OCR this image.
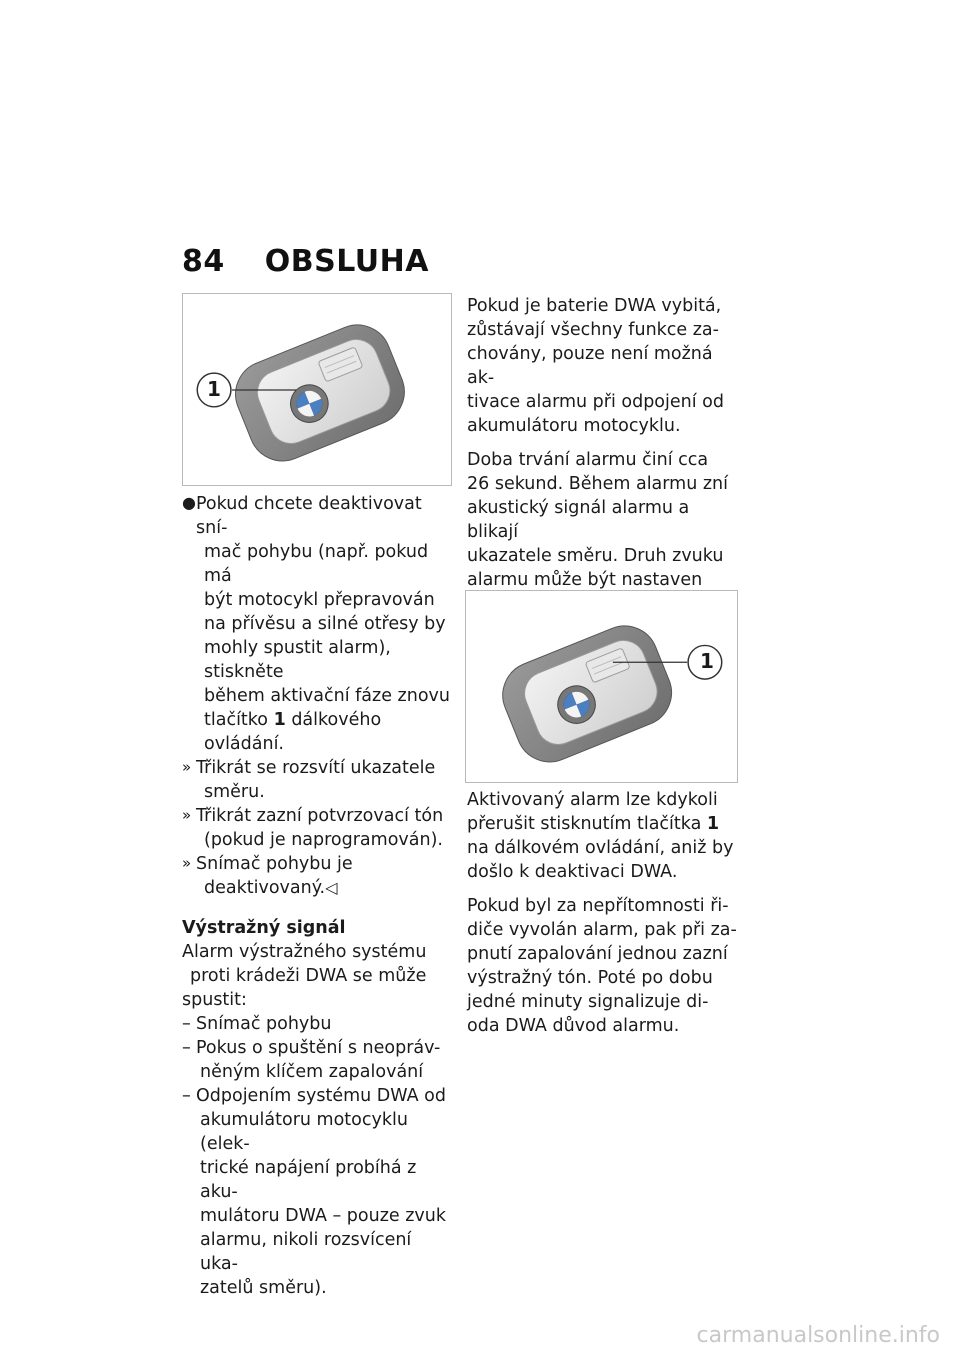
84 OBSLUHA
1
● Pokud chcete deaktivovat sní-
mač pohybu (např. pokud má
být motocykl přepravován
na přívěsu a silné otřesy by
mohly spustit alarm), stiskněte
během aktivační fáze znovu
tlačítko 1 dálkového ovládání.
» Třikrát se rozsvítí ukazatele
směru.
» Třikrát zazní potvrzovací tón
(pokud je naprogramován).
» Snímač pohybu je
deaktivovaný.◁
Výstražný signál
Alarm výstražného systému
proti krádeži DWA se může
spustit:
– Snímač pohybu
– Pokus o spuštění s neopráv-
něným klíčem zapalování
– Odpojením systému DWA od
akumulátoru motocyklu (elek-
trické napájení probíhá z aku-
mulátoru DWA – pouze zvuk
alarmu, nikoli rozsvícení uka-
zatelů směru).

Pokud je baterie DWA vybitá,
zůstávají všechny funkce za-
chovány, pouze není možná ak-
tivace alarmu při odpojení od
akumulátoru motocyklu.

Doba trvání alarmu činí cca
26 sekund. Během alarmu zní
akustický signál alarmu a blikají
ukazatele směru. Druh zvuku
alarmu může být nastaven

1

Aktivovaný alarm lze kdykoli
přerušit stisknutím tlačítka 1
na dálkovém ovládání, aniž by
došlo k deaktivaci DWA.

Pokud byl za nepřítomnosti ři-
diče vyvolán alarm, pak při za-
pnutí zapalování jednou zazní
výstražný tón. Poté po dobu
jedné minuty signalizuje di-
oda DWA důvod alarmu.

carmanualsonline.info
